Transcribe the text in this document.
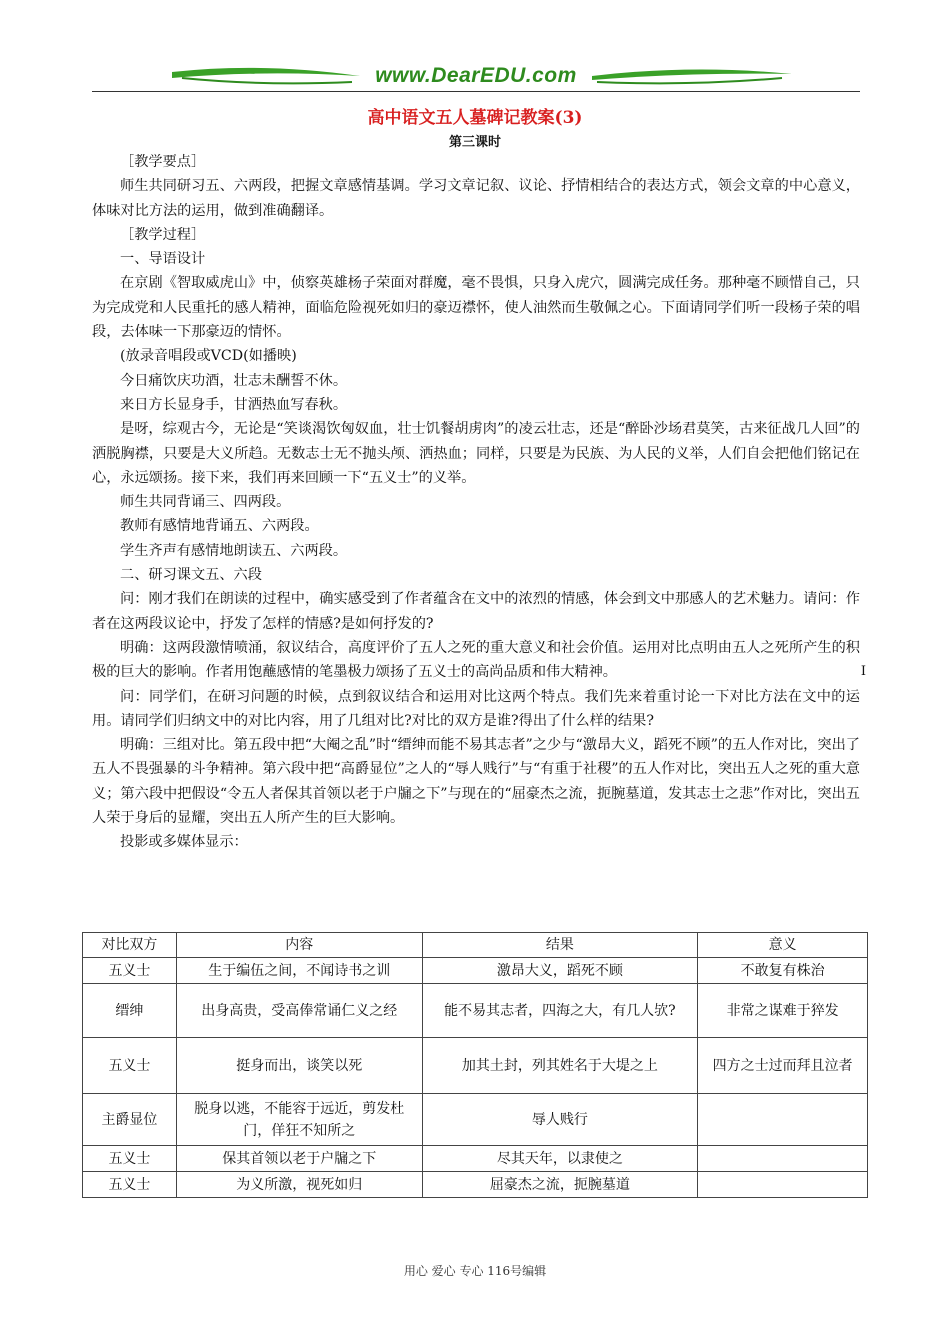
www.DearEDU.com
高中语文五人墓碑记教案(3)
第三课时

［教学要点］

师生共同研习五、六两段，把握文章感情基调。学习文章记叙、议论、抒情相结合的表达方式，领会文章的中心意义，体味对比方法的运用，做到准确翻译。

［教学过程］

一、导语设计

在京剧《智取威虎山》中，侦察英雄杨子荣面对群魔，毫不畏惧，只身入虎穴，圆满完成任务。那种毫不顾惜自己，只为完成党和人民重托的感人精神，面临危险视死如归的豪迈襟怀，使人油然而生敬佩之心。下面请同学们听一段杨子荣的唱段，去体味一下那豪迈的情怀。

(放录音唱段或VCD(如播映)

今日痛饮庆功酒，壮志未酬誓不休。

来日方长显身手，甘洒热血写春秋。

是呀，综观古今，无论是“笑谈渴饮匈奴血，壮士饥餐胡虏肉”的凌云壮志，还是“醉卧沙场君莫笑，古来征战几人回”的洒脱胸襟，只要是大义所趋。无数志士无不抛头颅、洒热血；同样，只要是为民族、为人民的义举，人们自会把他们铭记在心，永远颂扬。接下来，我们再来回顾一下“五义士”的义举。

师生共同背诵三、四两段。

教师有感情地背诵五、六两段。

学生齐声有感情地朗读五、六两段。

二、研习课文五、六段

问：刚才我们在朗读的过程中，确实感受到了作者蕴含在文中的浓烈的情感，体会到文中那感人的艺术魅力。请问：作者在这两段议论中，抒发了怎样的情感?是如何抒发的?

明确：这两段激情喷涌，叙议结合，高度评价了五人之死的重大意义和社会价值。运用对比点明由五人之死所产生的积极的巨大的影响。作者用饱蘸感情的笔墨极力颂扬了五义士的高尚品质和伟大精神。	I

问：同学们，在研习问题的时候，点到叙议结合和运用对比这两个特点。我们先来着重讨论一下对比方法在文中的运用。请同学们归纳文中的对比内容，用了几组对比?对比的双方是谁?得出了什么样的结果?

明确：三组对比。第五段中把“大阉之乱”时“缙绅而能不易其志者”之少与“激昂大义，蹈死不顾”的五人作对比，突出了五人不畏强暴的斗争精神。第六段中把“高爵显位”之人的“辱人贱行”与“有重于社稷”的五人作对比，突出五人之死的重大意义；第六段中把假设“令五人者保其首领以老于户牖之下”与现在的“屈豪杰之流，扼腕墓道，发其志士之悲”作对比，突出五人荣于身后的显耀，突出五人所产生的巨大影响。

投影或多媒体显示：

对比双方	内容	结果	意义
五义士	生于编伍之间，不闻诗书之训	激昂大义，蹈死不顾	不敢复有株治
缙绅	出身高贵，受高俸常诵仁义之经	能不易其志者，四海之大，有几人欤?	非常之谋难于猝发
五义士	挺身而出，谈笑以死	加其土封，列其姓名于大堤之上	四方之士过而拜且泣者
主爵显位	脱身以逃，不能容于远近，剪发杜门，佯狂不知所之	辱人贱行	
五义士	保其首领以老于户牖之下	尽其天年，以隶使之	
五义士	为义所激，视死如归	屈豪杰之流，扼腕墓道	
用心 爱心 专心 116号编辑
